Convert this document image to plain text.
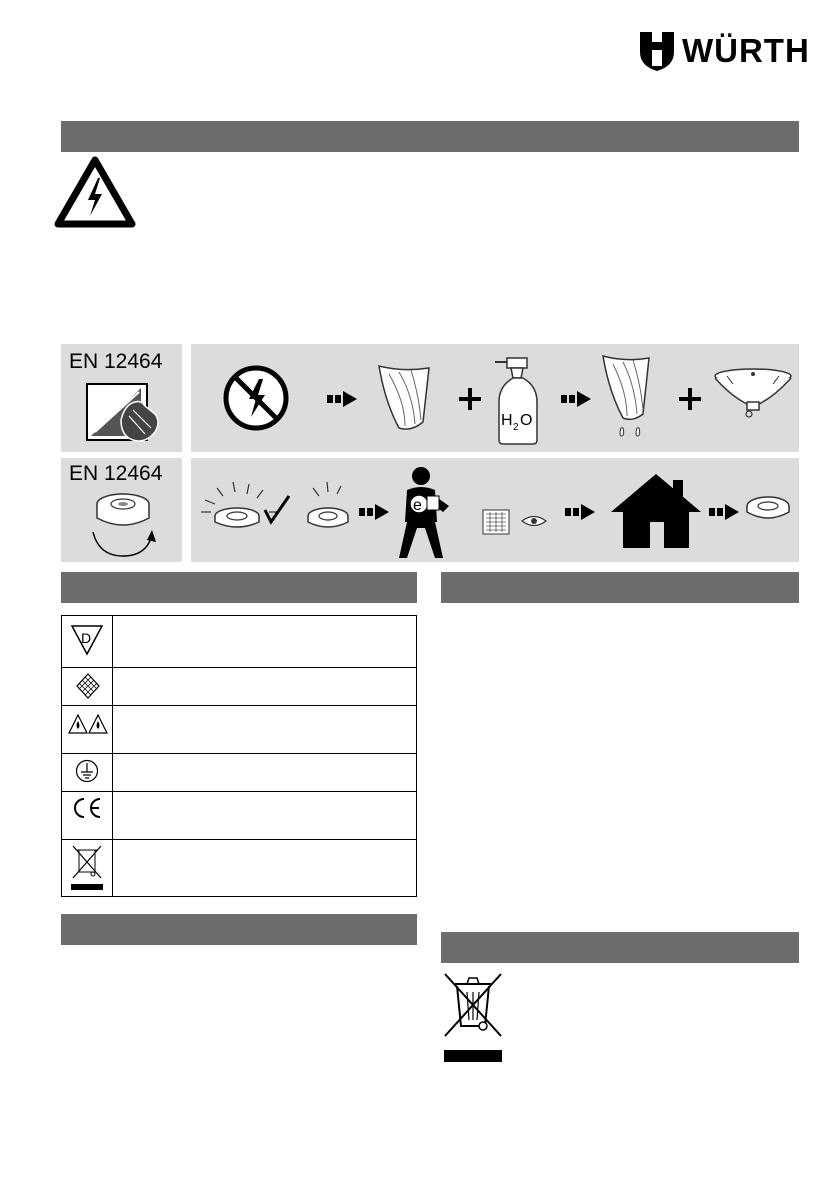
WÜRTH
EN 12464
H 2 O
EN 12464
e
D
